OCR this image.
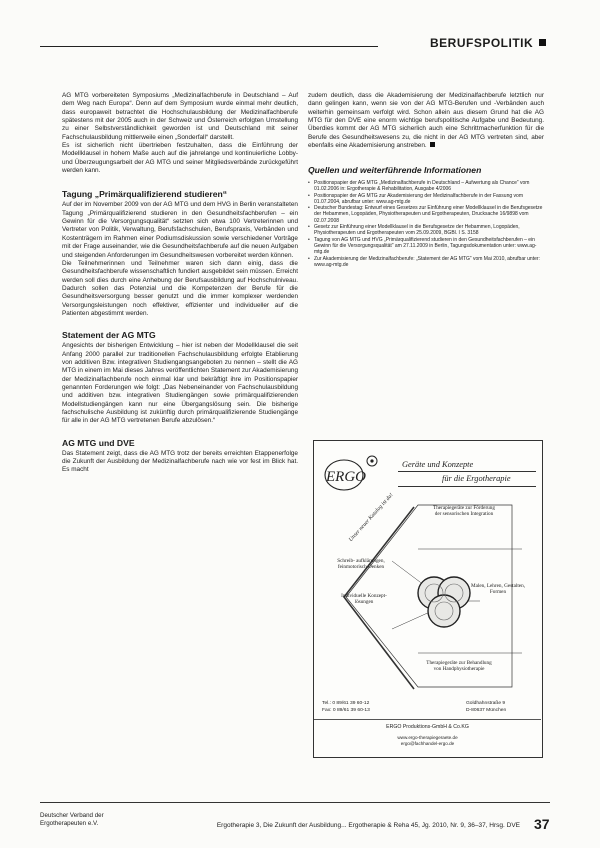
BERUFSPOLITIK

AG MTG vorbereiteten Symposiums „Medizinalfachberufe in Deutschland – Auf dem Weg nach Europa“. Denn auf dem Symposium wurde einmal mehr deutlich, dass europaweit betrachtet die Hochschulausbildung der Medizinalfachberufe spätestens mit der 2005 auch in der Schweiz und Österreich erfolgten Umstellung zu einer Selbstverständlichkeit geworden ist und Deutschland mit seiner Fachschulausbildung mittlerweile einen „Sonderfall“ darstellt.

Es ist sicherlich nicht übertrieben festzuhalten, dass die Einführung der Modellklausel in hohem Maße auch auf die jahrelange und kontinuierliche Lobby- und Überzeugungsarbeit der AG MTG und seiner Mitgliedsverbände zurückgeführt werden kann.

Tagung „Primärqualifizierend studieren“

Auf der im November 2009 von der AG MTG und dem HVG in Berlin veranstalteten Tagung „Primärqualifizierend studieren in den Gesundheitsfachberufen – ein Gewinn für die Versorgungsqualität“ setzten sich etwa 100 Vertreterinnen und Vertreter von Politik, Verwaltung, Berufsfachschulen, Berufspraxis, Verbänden und Kostenträgern im Rahmen einer Podiumsdiskussion sowie verschiedener Vorträge mit der Frage auseinander, wie die Gesundheitsfachberufe auf die neuen Aufgaben und steigenden Anforderungen im Gesundheitswesen vorbereitet werden können.

Die Teilnehmerinnen und Teilnehmer waren sich dann einig, dass die Gesundheitsfachberufe wissenschaftlich fundiert ausgebildet sein müssen. Erreicht werden soll dies durch eine Anhebung der Berufsausbildung auf Hochschulniveau. Dadurch sollen das Potenzial und die Kompetenzen der Berufe für die Gesundheitsversorgung besser genutzt und die immer komplexer werdenden Versorgungsleistungen noch effektiver, effizienter und individueller auf die Patienten abgestimmt werden.

Statement der AG MTG

Angesichts der bisherigen Entwicklung – hier ist neben der Modellklausel die seit Anfang 2000 parallel zur traditionellen Fachschulausbildung erfolgte Etablierung von additiven Bzw. integrativen Studiengangsangeboten zu nennen – stellt die AG MTG in einem im Mai dieses Jahres veröffentlichten Statement zur Akademisierung der Medizinalfachberufe noch einmal klar und bekräftigt ihre im Positionspapier genannten Forderungen wie folgt: „Das Nebeneinander von Fachschulausbildung und additiven bzw. integrativen Studiengängen sowie primärqualifizierenden Modellstudiengängen kann nur eine Übergangslösung sein. Die bisherige fachschulische Ausbildung ist zukünftig durch primärqualifizierende Studiengänge für alle in der AG MTG vertretenen Berufe abzulösen.“

AG MTG und DVE

Das Statement zeigt, dass die AG MTG trotz der bereits erreichten Etappenerfolge die Zukunft der Ausbildung der Medizinalfachberufe nach wie vor fest im Blick hat. Es macht

zudem deutlich, dass die Akademisierung der Medizinalfachberufe letztlich nur dann gelingen kann, wenn sie von der AG MTG-Berufen und -Verbänden auch weiterhin gemeinsam verfolgt wird. Schon allein aus diesem Grund hat die AG MTG für den DVE eine enorm wichtige berufspolitische Aufgabe und Bedeutung. Überdies kommt der AG MTG sicherlich auch eine Schrittmacherfunktion für die Berufe des Gesundheitswesens zu, die nicht in der AG MTG vertreten sind, aber ebenfalls eine Akademisierung anstreben.

Quellen und weiterführende Informationen
• Positionspapier der AG MTG „Medizinalfachberufe in Deutschland – Aufwertung als Chance“ vom 01.02.2006 in: Ergotherapie & Rehabilitation, Ausgabe 4/2006
• Positionspapier der AG MTG zur Akademisierung der Medizinalfachberufe in der Fassung vom 01.07.2004, abrufbar unter: www.ag-mtg.de
• Deutscher Bundestag: Entwurf eines Gesetzes zur Einführung einer Modellklausel in die Berufsgesetze der Hebammen, Logopäden, Physiotherapeuten und Ergotherapeuten, Drucksache 16/9898 vom 02.07.2008
• Gesetz zur Einführung einer Modellklausel in die Berufsgesetze der Hebammen, Logopäden, Physiotherapeuten und Ergotherapeuten vom 25.09.2009, BGBl. I S. 3158
• Tagung von AG MTG und HVG „Primärqualifizierend studieren in den Gesundheitsfachberufen – ein Gewinn für die Versorgungsqualität“ am 27.11.2009 in Berlin, Tagungsdokumentation unter: www.ag-mtg.de
• Zur Akademisierung der Medizinalfachberufe: „Statement der AG MTG“ vom Mai 2010, abrufbar unter: www.ag-mtg.de
ERGO
Geräte und Konzepte
für die Ergotherapie
Unser neuer Katalog ist da!	Therapiegeräte zur Förderung der sensorischen Integration
Schreib- aufklärungen, feinmotorisch Denken
Malen, Lehren, Gestalten, Formen
Individuelle Konzept- lösungen
Therapiegeräte zur Behandlung von Handphysiotherapie
Tel.: 0 89/61 39 60-12
Fax: 0 89/61 39 60-13
Goldhahnstraße 9
D-80637 München
ERGO Produktions-GmbH & Co.KG
www.ergo-therapiegeraete.de
ergo@fachhandel-ergo.de
Deutscher Verband der
Ergotherapeuten e.V.	Ergotherapie 3, Die Zukunft der Ausbildung... Ergotherapie & Reha 45, Jg. 2010, Nr. 9, 36–37, Hrsg. DVE 37
